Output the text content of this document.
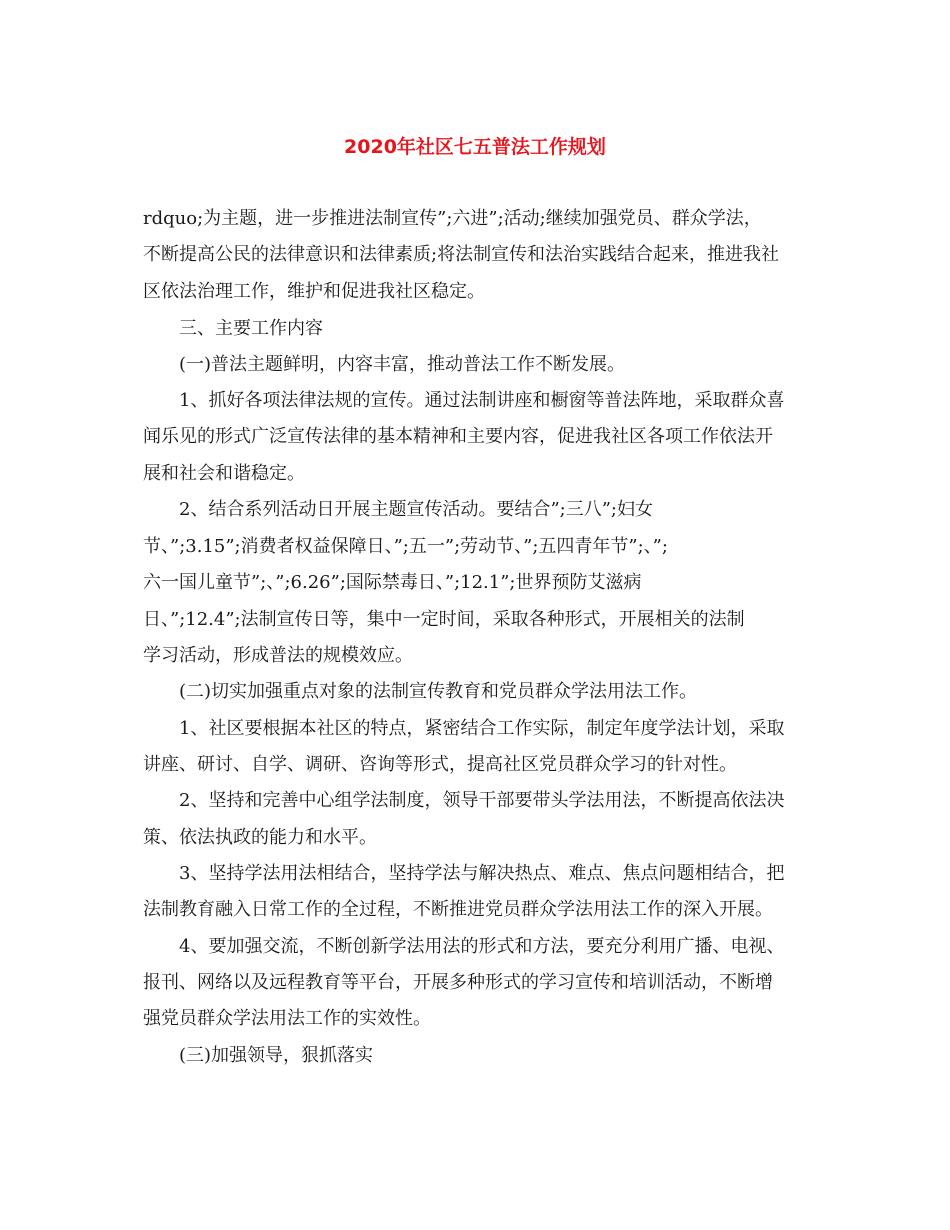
2020年社区七五普法工作规划

rdquo;为主题，进一步推进法制宣传”;六进”;活动;继续加强党员、群众学法，

不断提高公民的法律意识和法律素质;将法制宣传和法治实践结合起来，推进我社

区依法治理工作，维护和促进我社区稳定。

三、主要工作内容

(一)普法主题鲜明，内容丰富，推动普法工作不断发展。

1、抓好各项法律法规的宣传。通过法制讲座和橱窗等普法阵地，采取群众喜

闻乐见的形式广泛宣传法律的基本精神和主要内容，促进我社区各项工作依法开

展和社会和谐稳定。

2、结合系列活动日开展主题宣传活动。要结合”;三八”;妇女

节、”;3.15”;消费者权益保障日、”;五一”;劳动节、”;五四青年节”;、”;

六一国儿童节”;、”;6.26”;国际禁毒日、”;12.1”;世界预防艾滋病

日、”;12.4”;法制宣传日等，集中一定时间，采取各种形式，开展相关的法制

学习活动，形成普法的规模效应。

(二)切实加强重点对象的法制宣传教育和党员群众学法用法工作。

1、社区要根据本社区的特点，紧密结合工作实际，制定年度学法计划，采取

讲座、研讨、自学、调研、咨询等形式，提高社区党员群众学习的针对性。

2、坚持和完善中心组学法制度，领导干部要带头学法用法，不断提高依法决

策、依法执政的能力和水平。

3、坚持学法用法相结合，坚持学法与解决热点、难点、焦点问题相结合，把

法制教育融入日常工作的全过程，不断推进党员群众学法用法工作的深入开展。

4、要加强交流，不断创新学法用法的形式和方法，要充分利用广播、电视、

报刊、网络以及远程教育等平台，开展多种形式的学习宣传和培训活动，不断增

强党员群众学法用法工作的实效性。

(三)加强领导，狠抓落实
